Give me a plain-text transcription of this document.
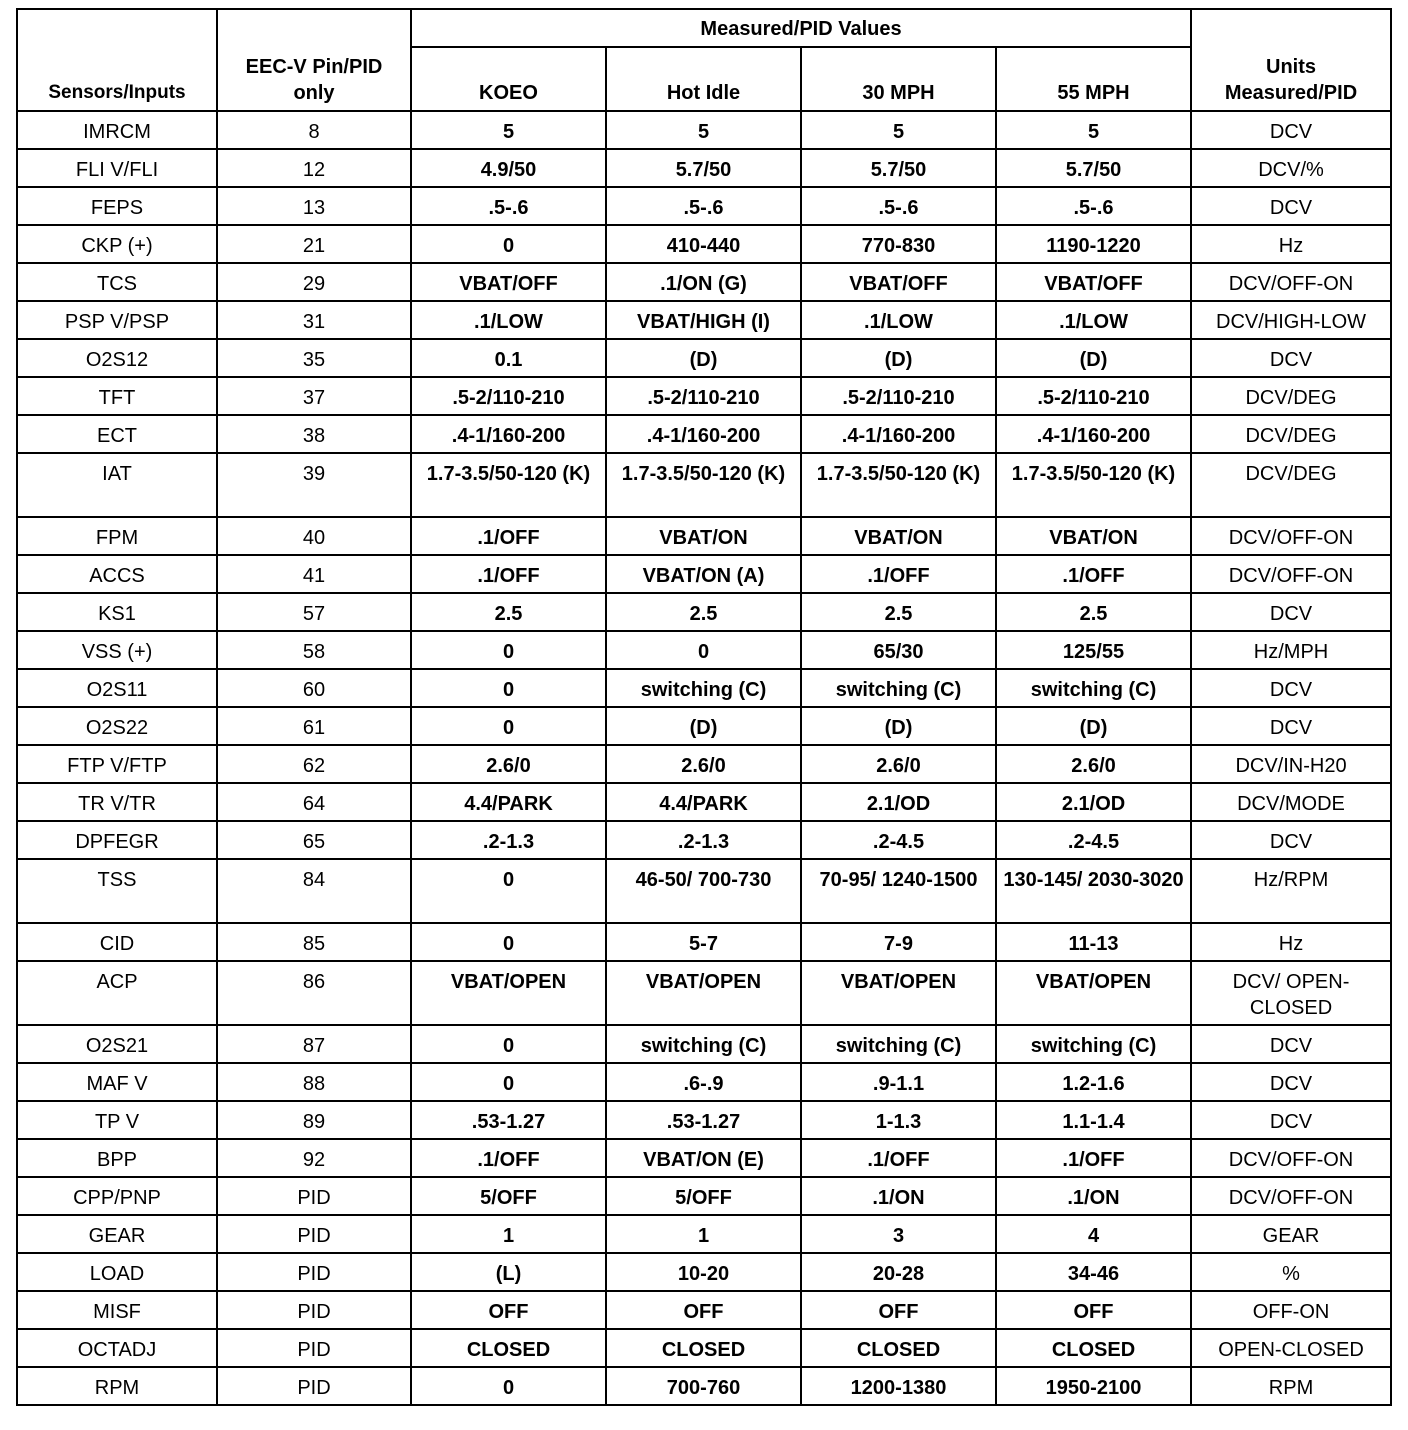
Sensors/Inputs	EEC-V Pin/PID only	Measured/PID Values				Units Measured/PID
		KOEO	Hot Idle	30 MPH	55 MPH	
IMRCM	8	5	5	5	5	DCV
FLI V/FLI	12	4.9/50	5.7/50	5.7/50	5.7/50	DCV/%
FEPS	13	.5-.6	.5-.6	.5-.6	.5-.6	DCV
CKP (+)	21	0	410-440	770-830	1190-1220	Hz
TCS	29	VBAT/OFF	.1/ON (G)	VBAT/OFF	VBAT/OFF	DCV/OFF-ON
PSP V/PSP	31	.1/LOW	VBAT/HIGH (I)	.1/LOW	.1/LOW	DCV/HIGH-LOW
O2S12	35	0.1	(D)	(D)	(D)	DCV
TFT	37	.5-2/110-210	.5-2/110-210	.5-2/110-210	.5-2/110-210	DCV/DEG
ECT	38	.4-1/160-200	.4-1/160-200	.4-1/160-200	.4-1/160-200	DCV/DEG
IAT	39	1.7-3.5/50-120 (K)	1.7-3.5/50-120 (K)	1.7-3.5/50-120 (K)	1.7-3.5/50-120 (K)	DCV/DEG
FPM	40	.1/OFF	VBAT/ON	VBAT/ON	VBAT/ON	DCV/OFF-ON
ACCS	41	.1/OFF	VBAT/ON (A)	.1/OFF	.1/OFF	DCV/OFF-ON
KS1	57	2.5	2.5	2.5	2.5	DCV
VSS (+)	58	0	0	65/30	125/55	Hz/MPH
O2S11	60	0	switching (C)	switching (C)	switching (C)	DCV
O2S22	61	0	(D)	(D)	(D)	DCV
FTP V/FTP	62	2.6/0	2.6/0	2.6/0	2.6/0	DCV/IN-H20
TR V/TR	64	4.4/PARK	4.4/PARK	2.1/OD	2.1/OD	DCV/MODE
DPFEGR	65	.2-1.3	.2-1.3	.2-4.5	.2-4.5	DCV
TSS	84	0	46-50/ 700-730	70-95/ 1240-1500	130-145/ 2030-3020	Hz/RPM
CID	85	0	5-7	7-9	11-13	Hz
ACP	86	VBAT/OPEN	VBAT/OPEN	VBAT/OPEN	VBAT/OPEN	DCV/ OPEN-CLOSED
O2S21	87	0	switching (C)	switching (C)	switching (C)	DCV
MAF V	88	0	.6-.9	.9-1.1	1.2-1.6	DCV
TP V	89	.53-1.27	.53-1.27	1-1.3	1.1-1.4	DCV
BPP	92	.1/OFF	VBAT/ON (E)	.1/OFF	.1/OFF	DCV/OFF-ON
CPP/PNP	PID	5/OFF	5/OFF	.1/ON	.1/ON	DCV/OFF-ON
GEAR	PID	1	1	3	4	GEAR
LOAD	PID	(L)	10-20	20-28	34-46	%
MISF	PID	OFF	OFF	OFF	OFF	OFF-ON
OCTADJ	PID	CLOSED	CLOSED	CLOSED	CLOSED	OPEN-CLOSED
RPM	PID	0	700-760	1200-1380	1950-2100	RPM
